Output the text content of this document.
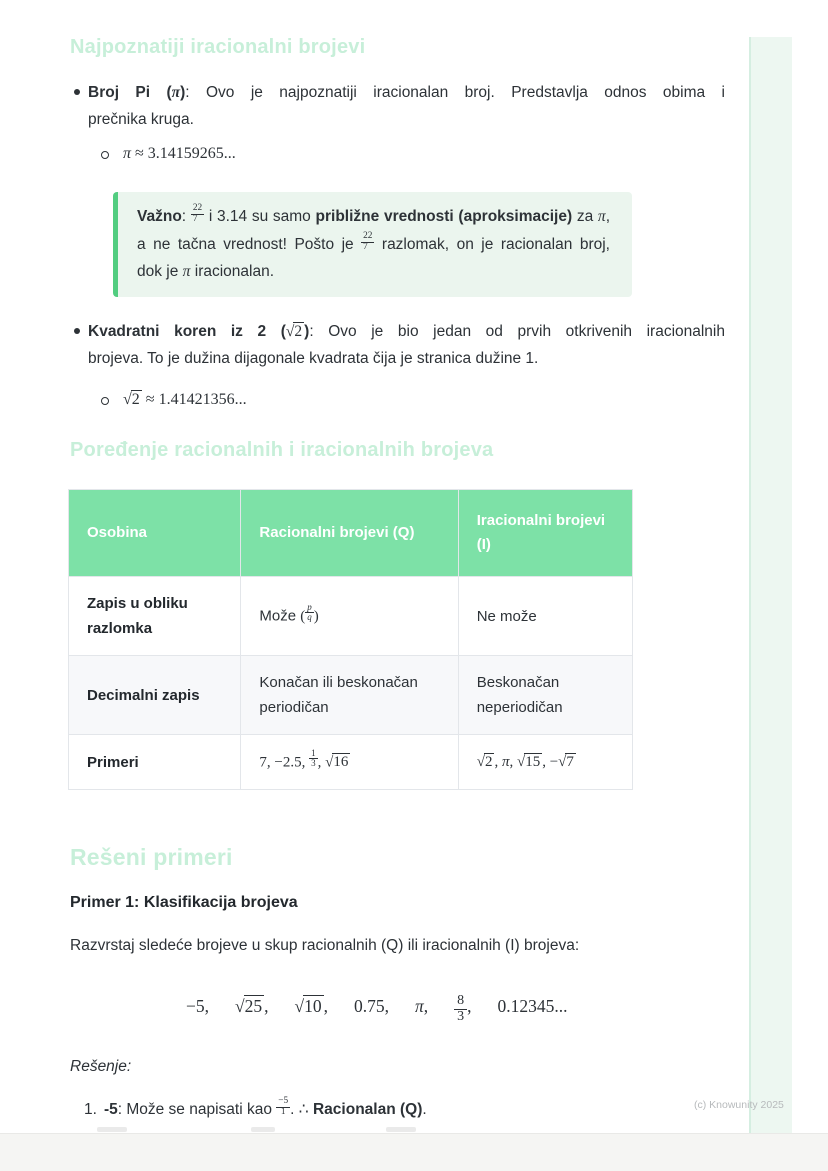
Najpoznatiji iracionalni brojevi
Broj Pi (π): Ovo je najpoznatiji iracionalan broj. Predstavlja odnos obima i
prečnika kruga.
π ≈ 3.14159265...
Važno: $\frac{22}{7}$ i 3.14 su samo približne vrednosti (aproksimacije) za π,
a ne tačna vrednost! Pošto je $\frac{22}{7}$ razlomak, on je racionalan broj,
dok je π iracionalan.
Kvadratni koren iz 2 (√2 ): Ovo je bio jedan od prvih otkrivenih iracionalnih
brojeva. To je dužina dijagonale kvadrata čija je stranica dužine 1.
√2 ≈ 1.41421356...
Poređenje racionalnih i iracionalnih brojeva
Osobina	Racionalni brojevi (Q)	Iracionalni brojevi (I)
Zapis u obliku razlomka	Može ( $\frac{p}{q}$ )	Ne može
Decimalni zapis	Konačan ili beskonačan periodičan	Beskonačan neperiodičan
Primeri	7, −2.5, $\frac{1}{3}$ , √16	√2 , π, √15 , −√7
Rešeni primeri
Primer 1: Klasifikacija brojeva
Razvrstaj sledeće brojeve u skup racionalnih (Q) ili iracionalnih (I) brojeva:
−5, √25 , √10 , 0.75, π, $\frac{8}{3}$ , 0.12345...
Rešenje:
1. -5: Može se napisati kao $\frac{-5}{1}$ . ∴ Racionalan (Q).	(c) Knowunity 2025
